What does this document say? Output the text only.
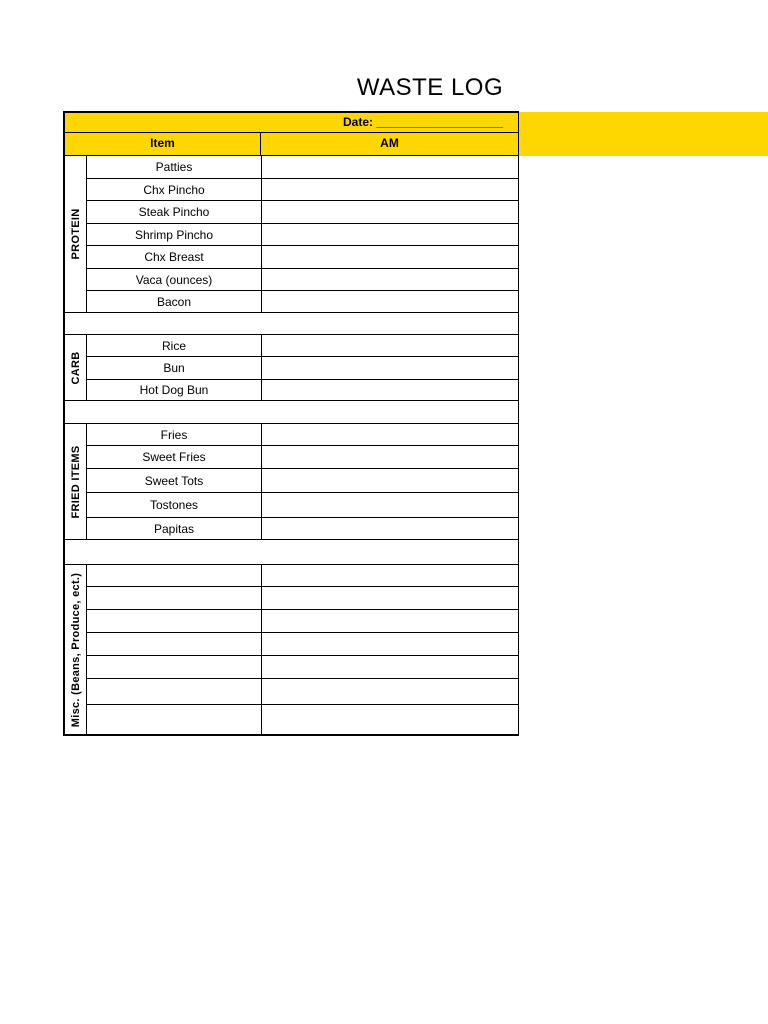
WASTE LOG
Date: ___________________
Item	AM
PROTEIN
Patties
Chx Pincho
Steak Pincho
Shrimp Pincho
Chx Breast
Vaca (ounces)
Bacon
CARB
Rice
Bun
Hot Dog Bun
FRIED ITEMS
Fries
Sweet Fries
Sweet Tots
Tostones
Papitas
Misc. (Beans, Produce, ect.)
